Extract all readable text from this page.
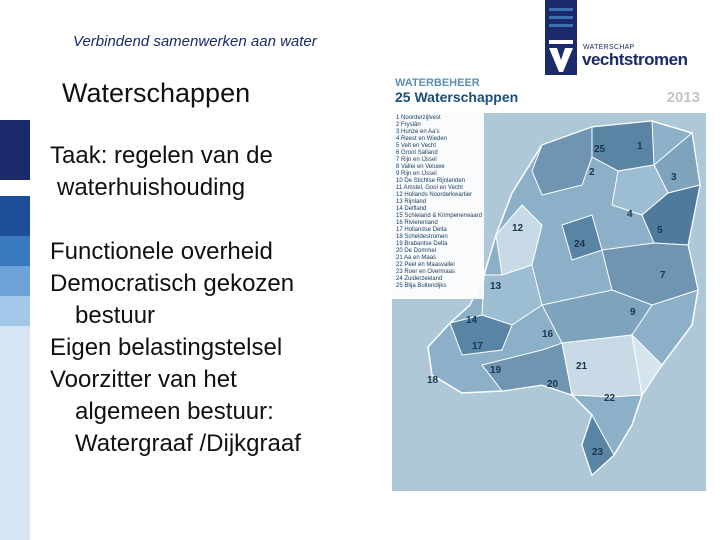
Verbindend samenwerken aan water	WATERSCHAP
vechtstromen
Waterschappen

Taak: regelen van de

waterhuishouding

Functionele overheid

Democratisch gekozen

bestuur

Eigen belastingstelsel

Voorzitter van het

algemeen bestuur:

Watergraaf /Dijkgraaf

WATERBEHEER
25 Waterschappen	2013
1
2	3
4
5
7
9
12
13
14
16
17
18
19
20
21
22
23
24
25
1 Noorderzijlvest
2 Fryslân
3 Hunze en Aa's
4 Reest en Wieden
5 Velt en Vecht
6 Groot Salland
7 Rijn en IJssel
8 Vallei en Veluwe
9 Rijn en IJssel
10 De Stichtse Rijnlanden
11 Amstel, Gooi en Vecht
12 Hollands Noorderkwartier
13 Rijnland
14 Delfland
15 Schieland & Krimpenerwaard
16 Rivierenland
17 Hollandse Delta
18 Scheldestromen
19 Brabantse Delta
20 De Dommel
21 Aa en Maas
22 Peel en Maasvallei
23 Roer en Overmaas
24 Zuiderzeeland
25 Blija Buitendijks
